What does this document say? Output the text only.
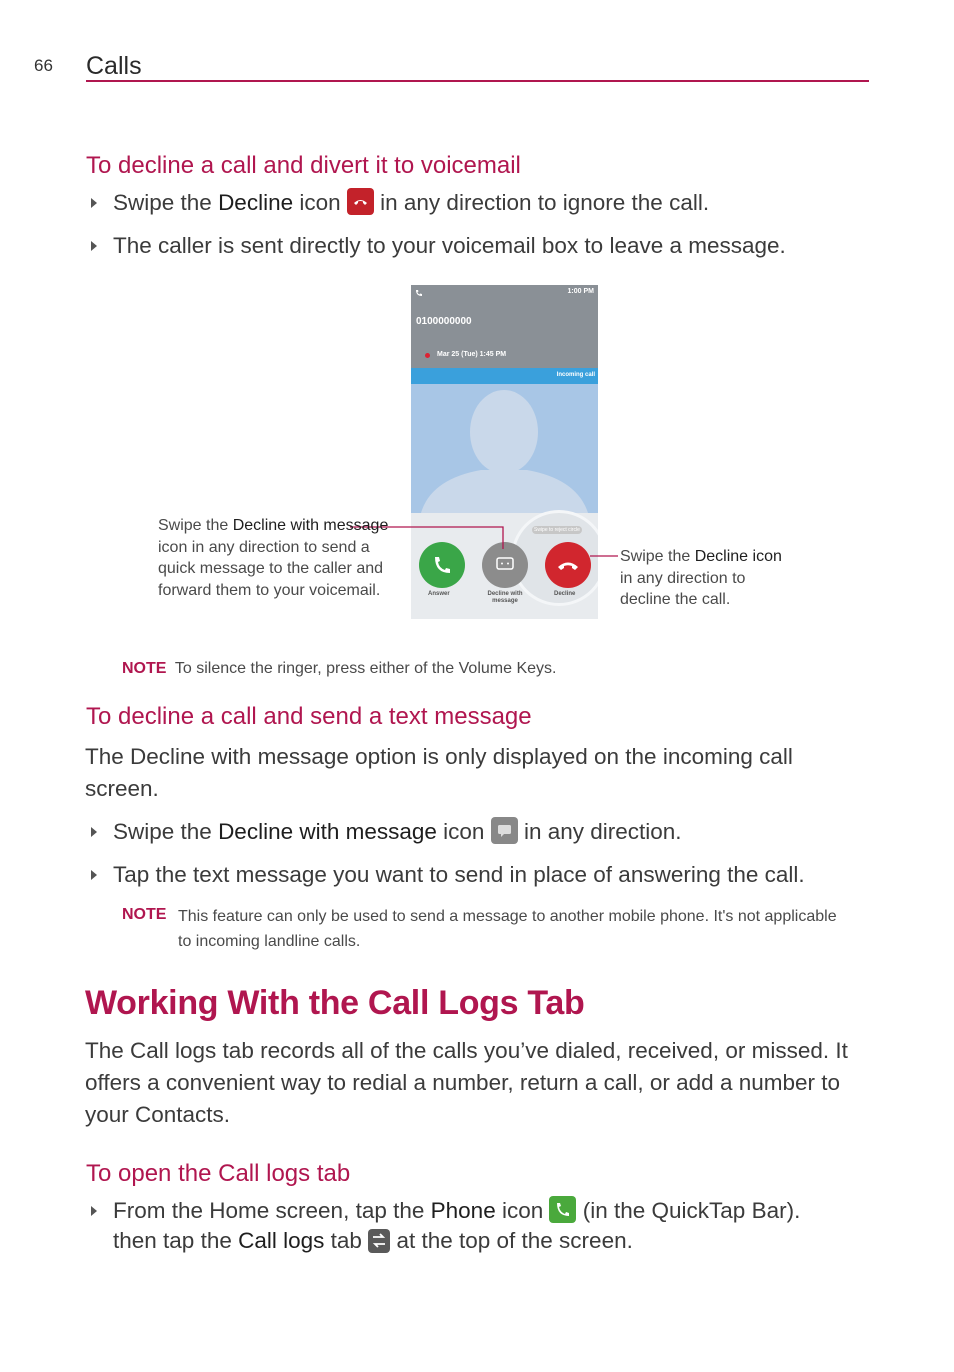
66 Calls
To decline a call and divert it to voicemail
Swipe the Decline icon  in any direction to ignore the call.
The caller is sent directly to your voicemail box to leave a message.
1:00 PM
0100000000
Mar 25 (Tue) 1:45 PM
Incoming call
Swipe to reject circle
Answer	Decline with message
Decline
Swipe the Decline with message icon in any direction to send a quick message to the caller and forward them to your voicemail.
Swipe the Decline icon in any direction to decline the call.
NOTE To silence the ringer, press either of the Volume Keys.
To decline a call and send a text message
The Decline with message option is only displayed on the incoming call screen.
Swipe the Decline with message icon  in any direction.
Tap the text message you want to send in place of answering the call.
NOTE This feature can only be used to send a message to another mobile phone. It's not applicable to incoming landline calls.
Working With the Call Logs Tab
The Call logs tab records all of the calls you’ve dialed, received, or missed. It offers a convenient way to redial a number, return a call, or add a number to your Contacts.
To open the Call logs tab
From the Home screen, tap the Phone icon  (in the QuickTap Bar).
then tap the Call logs tab  at the top of the screen.
